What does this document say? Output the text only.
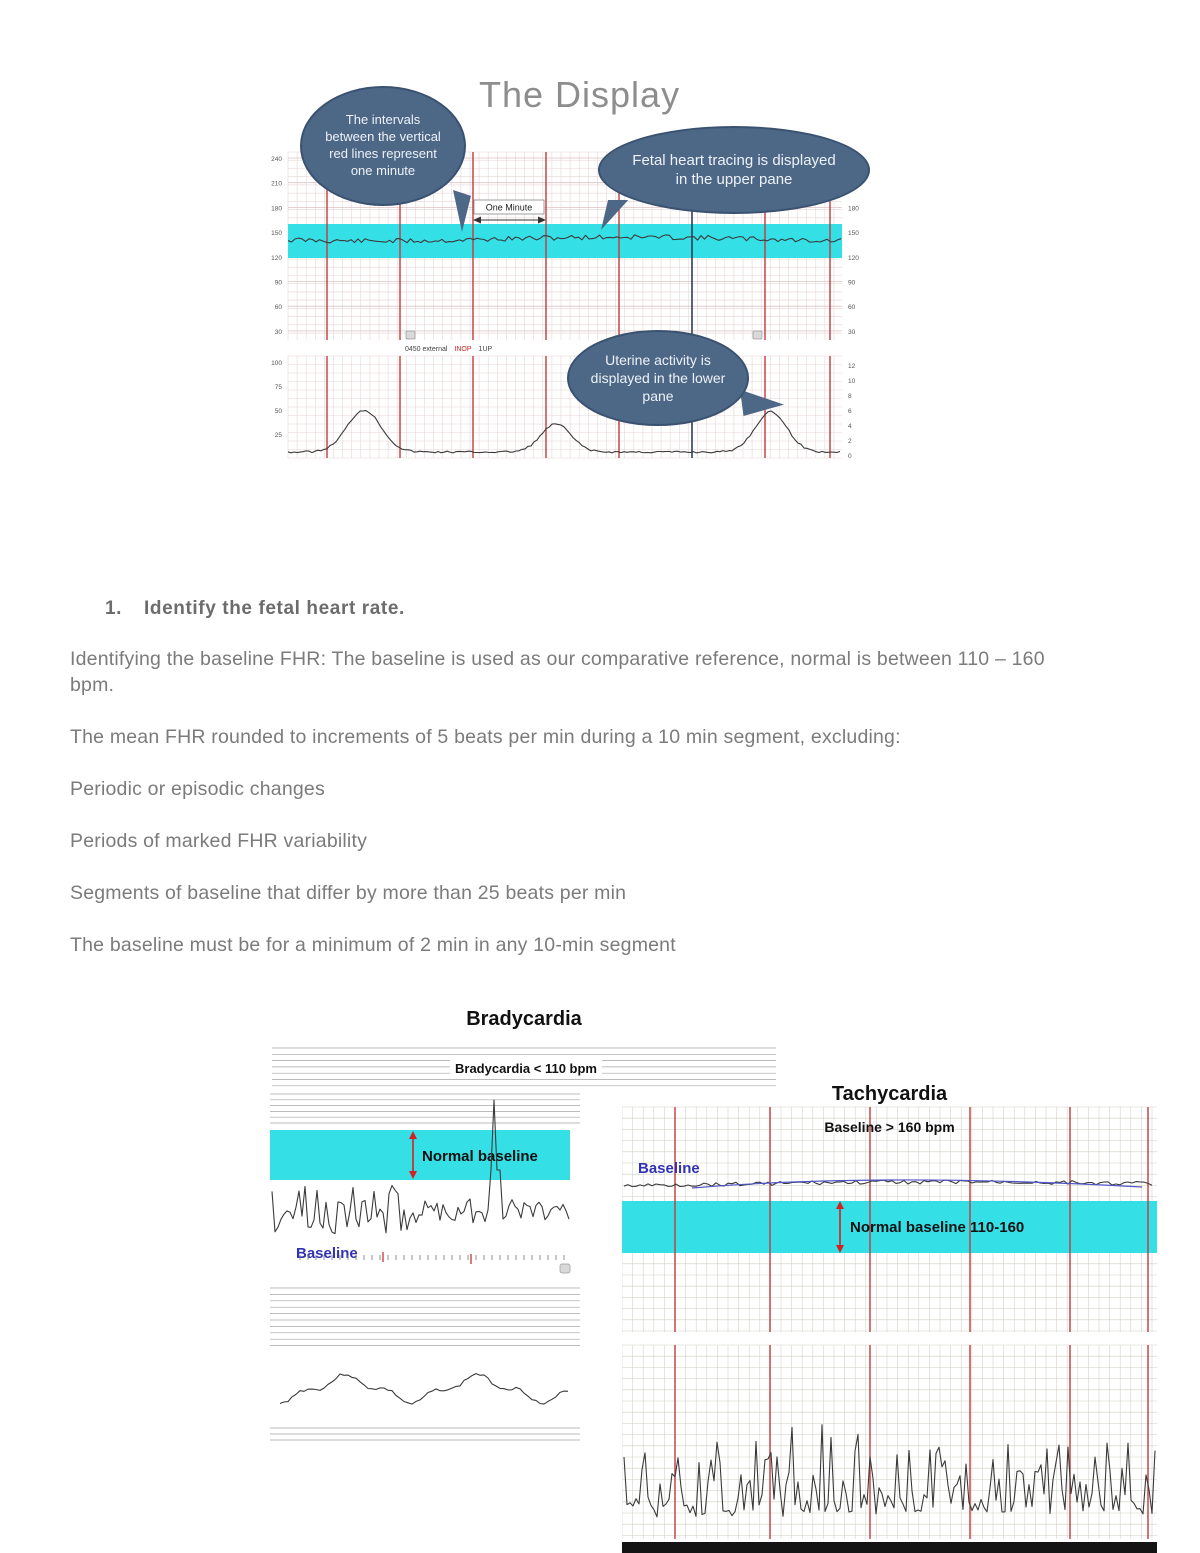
The Display
240
210
180
150
120
90
60
30
180
150
120
90
60
30
100
75
50
25
12
10
8
6
4
2
0
One Minute
0450 external INOP 1UP
The intervals between the vertical red lines represent one minute
Fetal heart tracing is displayed in the upper pane
Uterine activity is displayed in the lower pane
1. Identify the fetal heart rate.

Identifying the baseline FHR: The baseline is used as our comparative reference, normal is between 110 – 160 bpm.

The mean FHR rounded to increments of 5 beats per min during a 10 min segment, excluding:

Periodic or episodic changes

Periods of marked FHR variability

Segments of baseline that differ by more than 25 beats per min

The baseline must be for a minimum of 2 min in any 10-min segment

Bradycardia
Bradycardia < 110 bpm
Normal baseline
Baseline
Tachycardia
Baseline > 160 bpm
Baseline
Normal baseline 110-160
